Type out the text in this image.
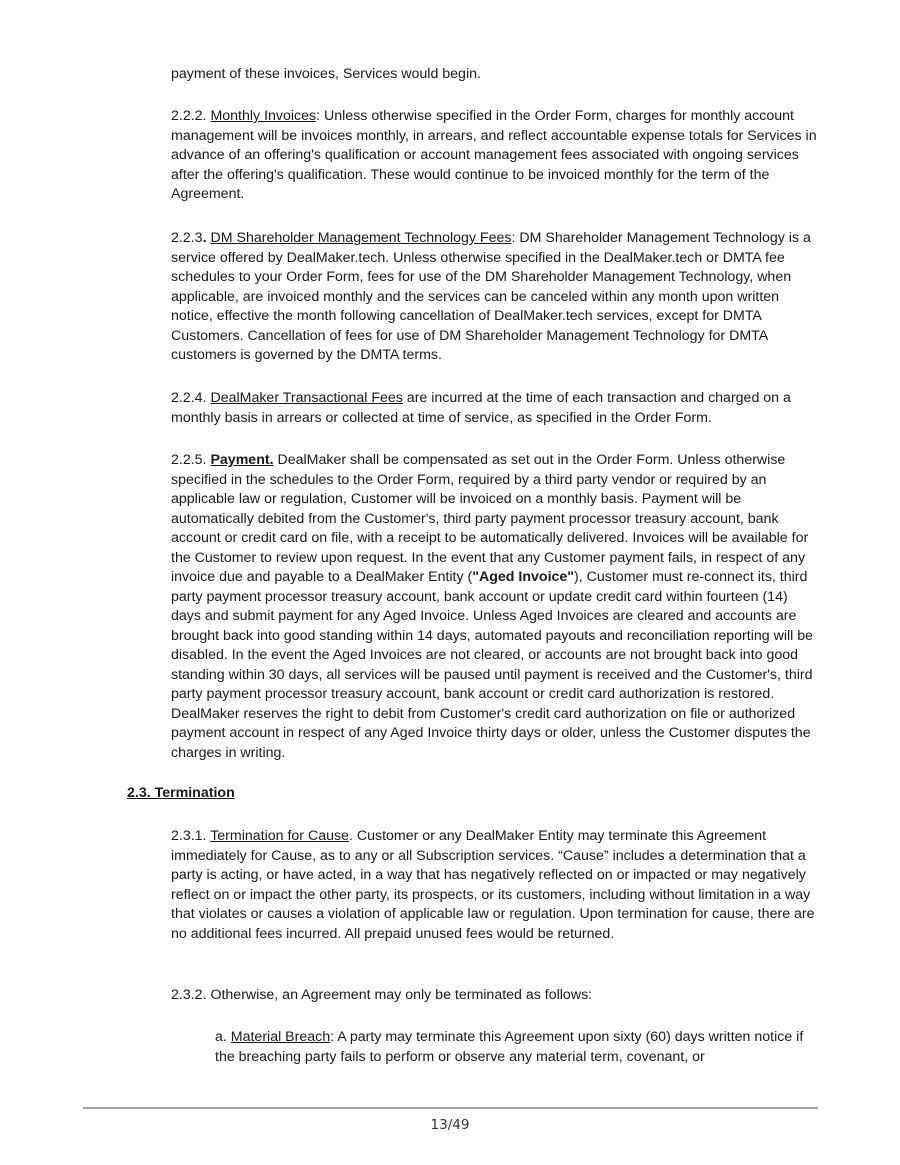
payment of these invoices, Services would begin.

2.2.2. Monthly Invoices: Unless otherwise specified in the Order Form, charges for monthly account management will be invoices monthly, in arrears, and reflect accountable expense totals for Services in advance of an offering's qualification or account management fees associated with ongoing services after the offering's qualification. These would continue to be invoiced monthly for the term of the Agreement.

2.2.3. DM Shareholder Management Technology Fees: DM Shareholder Management Technology is a service offered by DealMaker.tech. Unless otherwise specified in the DealMaker.tech or DMTA fee schedules to your Order Form, fees for use of the DM Shareholder Management Technology, when applicable, are invoiced monthly and the services can be canceled within any month upon written notice, effective the month following cancellation of DealMaker.tech services, except for DMTA Customers. Cancellation of fees for use of DM Shareholder Management Technology for DMTA customers is governed by the DMTA terms.

2.2.4. DealMaker Transactional Fees are incurred at the time of each transaction and charged on a monthly basis in arrears or collected at time of service, as specified in the Order Form.

2.2.5. Payment. DealMaker shall be compensated as set out in the Order Form. Unless otherwise specified in the schedules to the Order Form, required by a third party vendor or required by an applicable law or regulation, Customer will be invoiced on a monthly basis. Payment will be automatically debited from the Customer's, third party payment processor treasury account, bank account or credit card on file, with a receipt to be automatically delivered. Invoices will be available for the Customer to review upon request. In the event that any Customer payment fails, in respect of any invoice due and payable to a DealMaker Entity ("Aged Invoice"), Customer must re-connect its, third party payment processor treasury account, bank account or update credit card within fourteen (14) days and submit payment for any Aged Invoice. Unless Aged Invoices are cleared and accounts are brought back into good standing within 14 days, automated payouts and reconciliation reporting will be disabled. In the event the Aged Invoices are not cleared, or accounts are not brought back into good standing within 30 days, all services will be paused until payment is received and the Customer's, third party payment processor treasury account, bank account or credit card authorization is restored. DealMaker reserves the right to debit from Customer's credit card authorization on file or authorized payment account in respect of any Aged Invoice thirty days or older, unless the Customer disputes the charges in writing.

2.3. Termination

2.3.1. Termination for Cause. Customer or any DealMaker Entity may terminate this Agreement immediately for Cause, as to any or all Subscription services. “Cause” includes a determination that a party is acting, or have acted, in a way that has negatively reflected on or impacted or may negatively reflect on or impact the other party, its prospects, or its customers, including without limitation in a way that violates or causes a violation of applicable law or regulation. Upon termination for cause, there are no additional fees incurred. All prepaid unused fees would be returned.

2.3.2. Otherwise, an Agreement may only be terminated as follows:

a. Material Breach: A party may terminate this Agreement upon sixty (60) days written notice if the breaching party fails to perform or observe any material term, covenant, or

13/49
